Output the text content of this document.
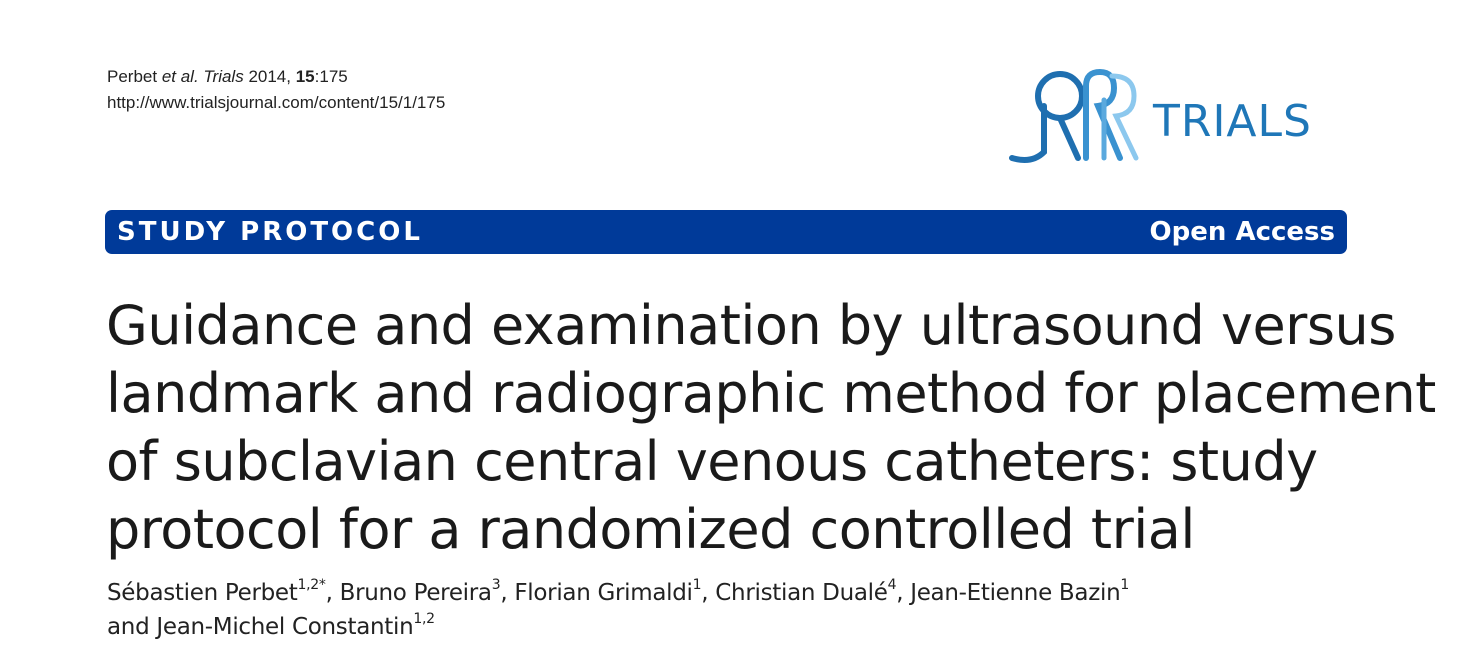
Perbet et al. Trials 2014, 15:175
http://www.trialsjournal.com/content/15/1/175	TRIALS
STUDY PROTOCOL	Open Access
Guidance and examination by ultrasound versus
landmark and radiographic method for placement
of subclavian central venous catheters: study
protocol for a randomized controlled trial
Sébastien Perbet$^{1,2*}$, Bruno Pereira$^3$, Florian Grimaldi$^1$, Christian Dualé$^4$, Jean-Etienne Bazin$^1$
and Jean-Michel Constantin$^{1,2}$
